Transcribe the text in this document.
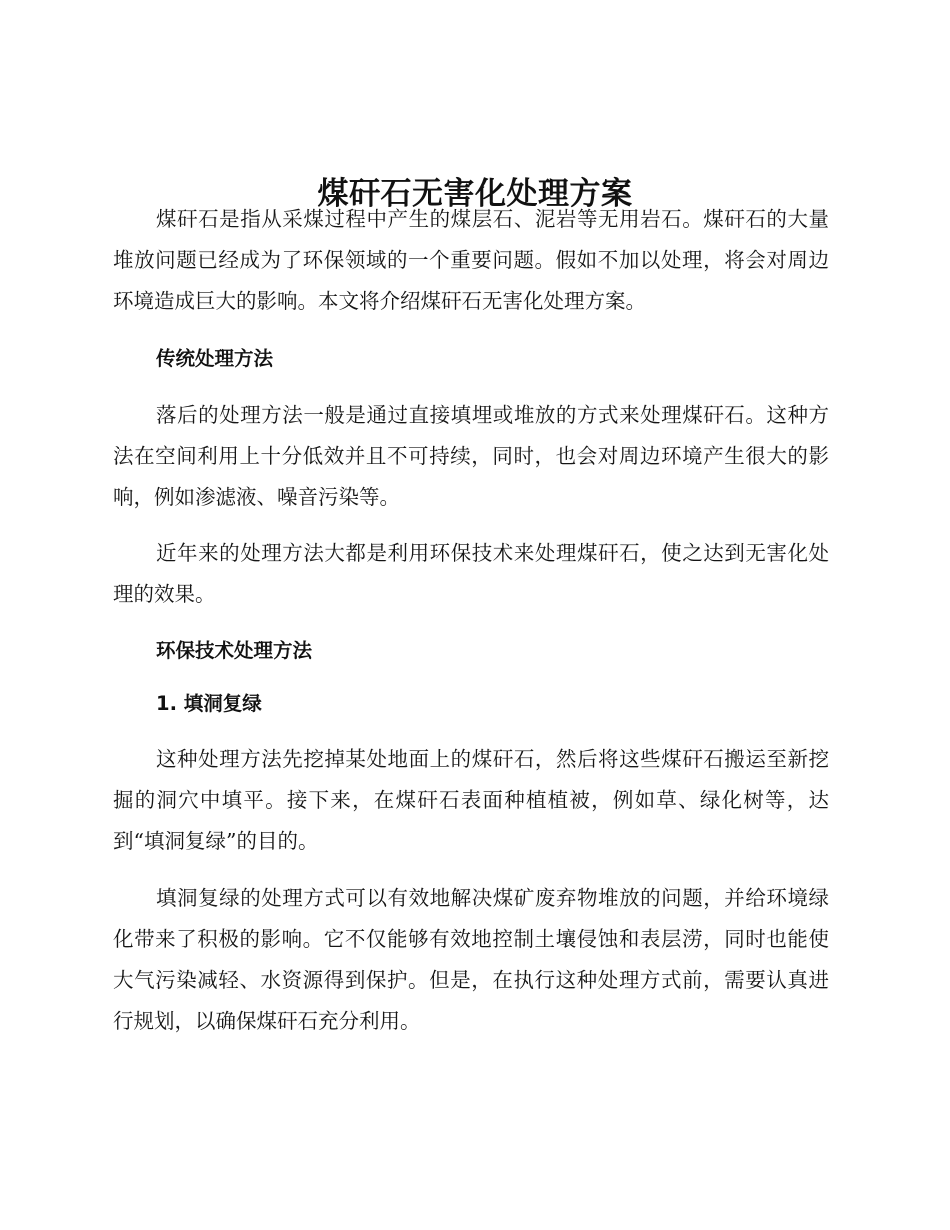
煤矸石无害化处理方案

煤矸石是指从采煤过程中产生的煤层石、泥岩等无用岩石。煤矸石的大量堆放问题已经成为了环保领域的一个重要问题。假如不加以处理，将会对周边环境造成巨大的影响。本文将介绍煤矸石无害化处理方案。

传统处理方法

落后的处理方法一般是通过直接填埋或堆放的方式来处理煤矸石。这种方法在空间利用上十分低效并且不可持续，同时，也会对周边环境产生很大的影响，例如渗滤液、噪音污染等。

近年来的处理方法大都是利用环保技术来处理煤矸石，使之达到无害化处理的效果。

环保技术处理方法
1. 填洞复绿

这种处理方法先挖掉某处地面上的煤矸石，然后将这些煤矸石搬运至新挖掘的洞穴中填平。接下来，在煤矸石表面种植植被，例如草、绿化树等，达到“填洞复绿”的目的。

填洞复绿的处理方式可以有效地解决煤矿废弃物堆放的问题，并给环境绿化带来了积极的影响。它不仅能够有效地控制土壤侵蚀和表层涝，同时也能使大气污染减轻、水资源得到保护。但是，在执行这种处理方式前，需要认真进行规划，以确保煤矸石充分利用。
